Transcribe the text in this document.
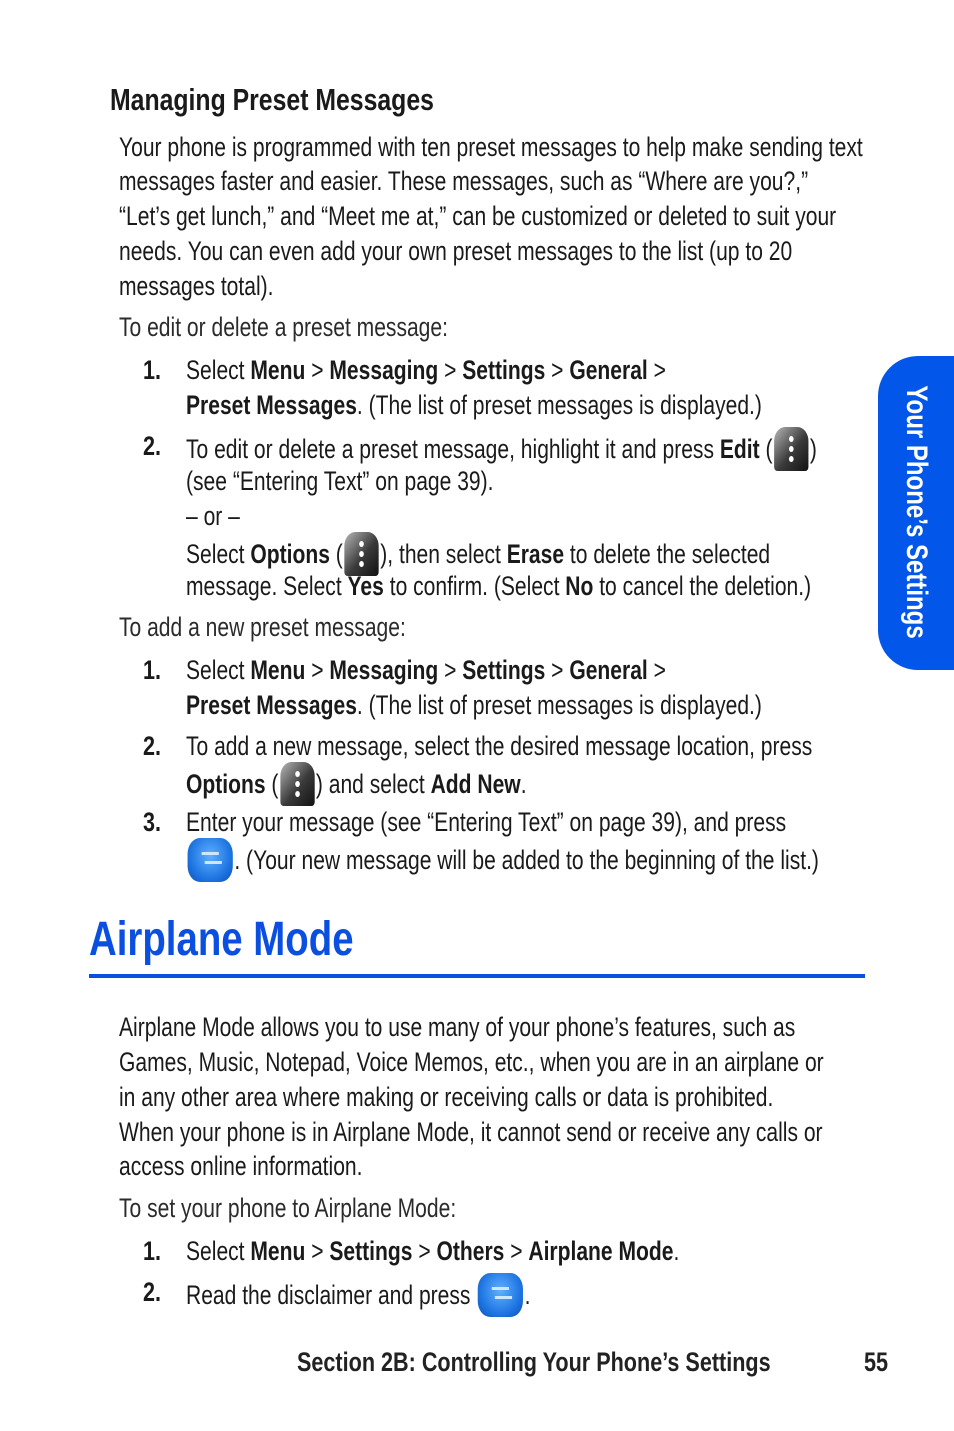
Managing Preset Messages
Your phone is programmed with ten preset messages to help make sending text
messages faster and easier. These messages, such as “Where are you?,”
“Let’s get lunch,” and “Meet me at,” can be customized or deleted to suit your
needs. You can even add your own preset messages to the list (up to 20
messages total).
To edit or delete a preset message:
1. Select Menu > Messaging > Settings > General >
Preset Messages. (The list of preset messages is displayed.)
2. To edit or delete a preset message, highlight it and press Edit ( )
(see “Entering Text” on page 39).
– or –
Select Options ( ), then select Erase to delete the selected
message. Select Yes to confirm. (Select No to cancel the deletion.)
To add a new preset message:
1. Select Menu > Messaging > Settings > General >
Preset Messages. (The list of preset messages is displayed.)
2. To add a new message, select the desired message location, press
Options ( ) and select Add New.
3. Enter your message (see “Entering Text” on page 39), and press
. (Your new message will be added to the beginning of the list.)
Airplane Mode
Airplane Mode allows you to use many of your phone’s features, such as
Games, Music, Notepad, Voice Memos, etc., when you are in an airplane or
in any other area where making or receiving calls or data is prohibited.
When your phone is in Airplane Mode, it cannot send or receive any calls or
access online information.
To set your phone to Airplane Mode:
1. Select Menu > Settings > Others > Airplane Mode.
2. Read the disclaimer and press .
Your Phone’s Settings
Section 2B: Controlling Your Phone’s Settings	55
